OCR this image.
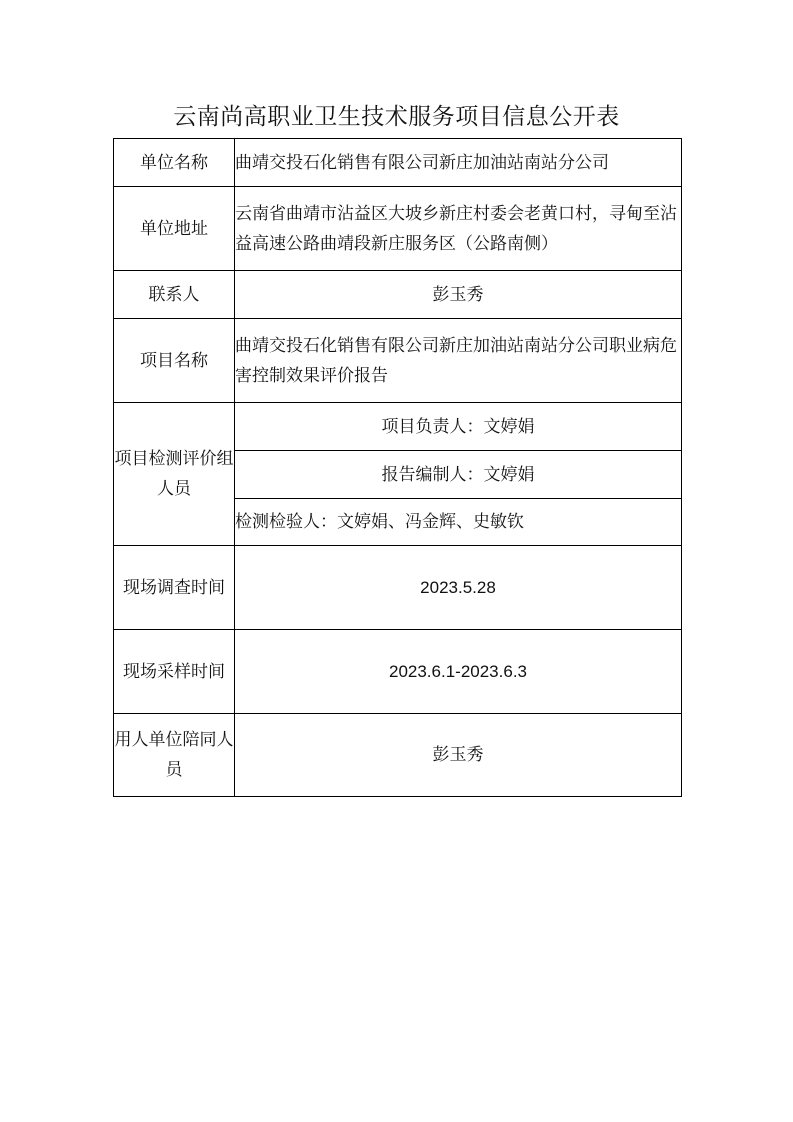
云南尚高职业卫生技术服务项目信息公开表
单位名称	曲靖交投石化销售有限公司新庄加油站南站分公司
单位地址	云南省曲靖市沾益区大坡乡新庄村委会老黄口村，寻甸至沾益高速公路曲靖段新庄服务区（公路南侧）
联系人	彭玉秀
项目名称	曲靖交投石化销售有限公司新庄加油站南站分公司职业病危害控制效果评价报告
项目检测评价组人员	项目负责人：文婷娟
	报告编制人：文婷娟
	检测检验人：文婷娟、冯金辉、史敏钦
现场调查时间	2023.5.28
现场采样时间	2023.6.1-2023.6.3
用人单位陪同人员	彭玉秀
